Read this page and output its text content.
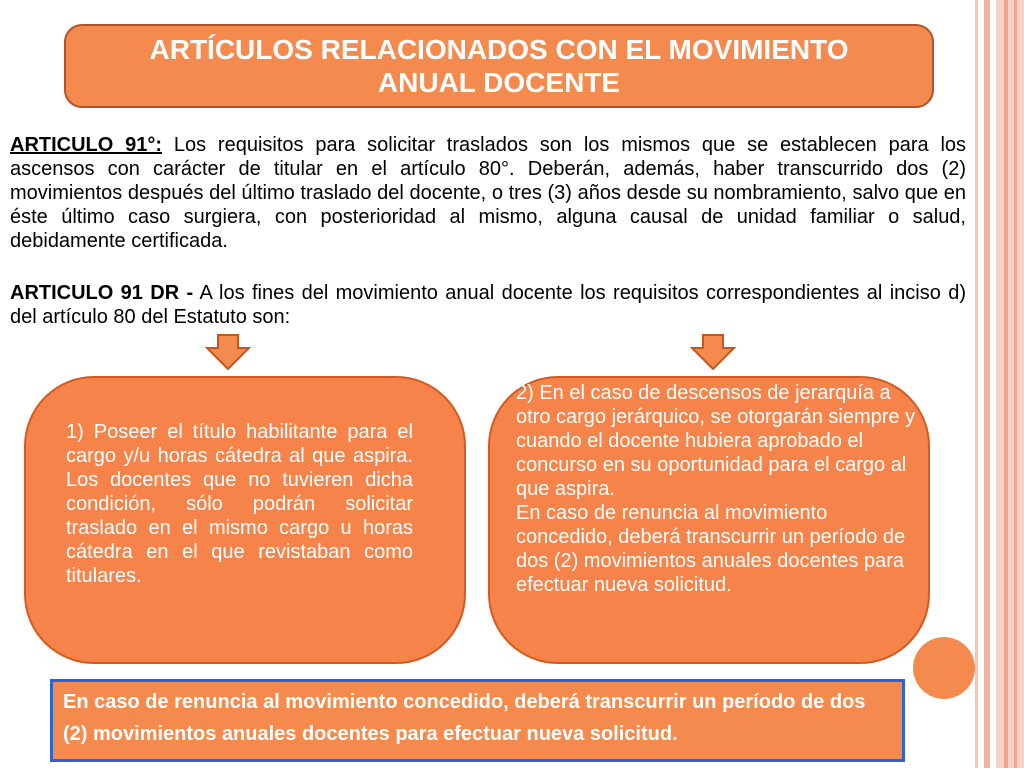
ARTÍCULOS RELACIONADOS CON EL MOVIMIENTO
ANUAL DOCENTE

ARTICULO 91°: Los requisitos para solicitar traslados son los mismos que se establecen para los ascensos con carácter de titular en el artículo 80°. Deberán, además, haber transcurrido dos (2) movimientos después del último traslado del docente, o tres (3) años desde su nombramiento, salvo que en éste último caso surgiera, con posterioridad al mismo, alguna causal de unidad familiar o salud, debidamente certificada.

ARTICULO 91 DR - A los fines del movimiento anual docente los requisitos correspondientes al inciso d) del artículo 80 del Estatuto son:

1) Poseer el título habilitante para el cargo y/u horas cátedra al que aspira. Los docentes que no tuvieren dicha condición, sólo podrán solicitar traslado en el mismo cargo u horas cátedra en el que revistaban como titulares.

2) En el caso de descensos de jerarquía a otro cargo jerárquico, se otorgarán siempre y cuando el docente hubiera aprobado el concurso en su oportunidad para el cargo al que aspira.

En caso de renuncia al movimiento concedido, deberá transcurrir un período de dos (2) movimientos anuales docentes para efectuar nueva solicitud.

En caso de renuncia al movimiento concedido, deberá transcurrir un período de dos (2) movimientos anuales docentes para efectuar nueva solicitud.
